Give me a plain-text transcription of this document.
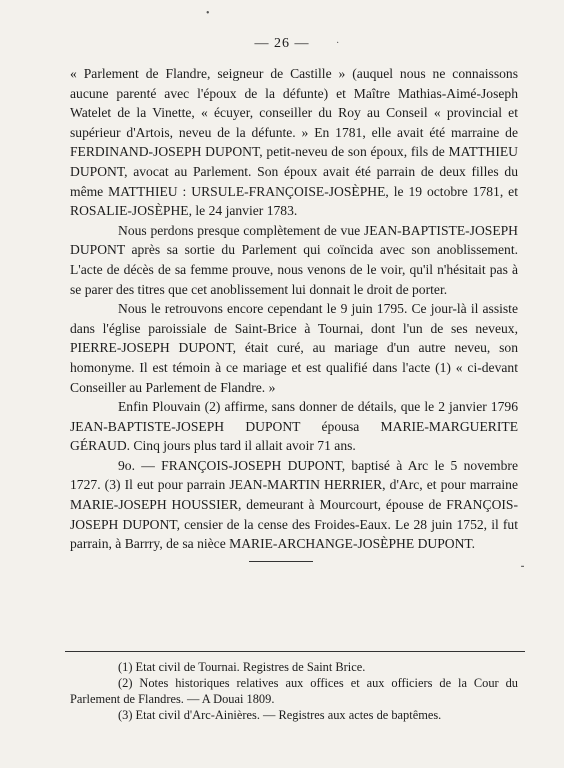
•
·
⁃
— 26 —

« Parlement de Flandre, seigneur de Castille » (auquel nous ne connaissons aucune parenté avec l'époux de la défunte) et Maître Mathias-Aimé-Joseph Watelet de la Vinette, « écuyer, conseiller du Roy au Conseil « provincial et supérieur d'Artois, neveu de la défunte. » En 1781, elle avait été marraine de FERDINAND-JOSEPH DUPONT, petit-neveu de son époux, fils de MATTHIEU DUPONT, avocat au Parlement. Son époux avait été parrain de deux filles du même MATTHIEU : URSULE-FRANÇOISE-JOSÈPHE, le 19 octobre 1781, et ROSALIE-JOSÈPHE, le 24 janvier 1783.

Nous perdons presque complètement de vue JEAN-BAPTISTE-JOSEPH DUPONT après sa sortie du Parlement qui coïncida avec son anoblissement. L'acte de décès de sa femme prouve, nous venons de le voir, qu'il n'hésitait pas à se parer des titres que cet anoblissement lui donnait le droit de porter.

Nous le retrouvons encore cependant le 9 juin 1795. Ce jour-là il assiste dans l'église paroissiale de Saint-Brice à Tournai, dont l'un de ses neveux, PIERRE-JOSEPH DUPONT, était curé, au mariage d'un autre neveu, son homonyme. Il est témoin à ce mariage et est qualifié dans l'acte (1) « ci-devant Conseiller au Parlement de Flandre. »

Enfin Plouvain (2) affirme, sans donner de détails, que le 2 janvier 1796 JEAN-BAPTISTE-JOSEPH DUPONT épousa MARIE-MARGUERITE GÉRAUD. Cinq jours plus tard il allait avoir 71 ans.

9o. — FRANÇOIS-JOSEPH DUPONT, baptisé à Arc le 5 novembre 1727. (3) Il eut pour parrain JEAN-MARTIN HERRIER, d'Arc, et pour marraine MARIE-JOSEPH HOUSSIER, demeurant à Mourcourt, épouse de FRANÇOIS-JOSEPH DUPONT, censier de la cense des Froides-Eaux. Le 28 juin 1752, il fut parrain, à Barrry, de sa nièce MARIE-ARCHANGE-JOSÈPHE DUPONT.

(1) Etat civil de Tournai. Registres de Saint Brice.

(2) Notes historiques relatives aux offices et aux officiers de la Cour du Parlement de Flandres. — A Douai 1809.

(3) Etat civil d'Arc-Ainières. — Registres aux actes de baptêmes.
